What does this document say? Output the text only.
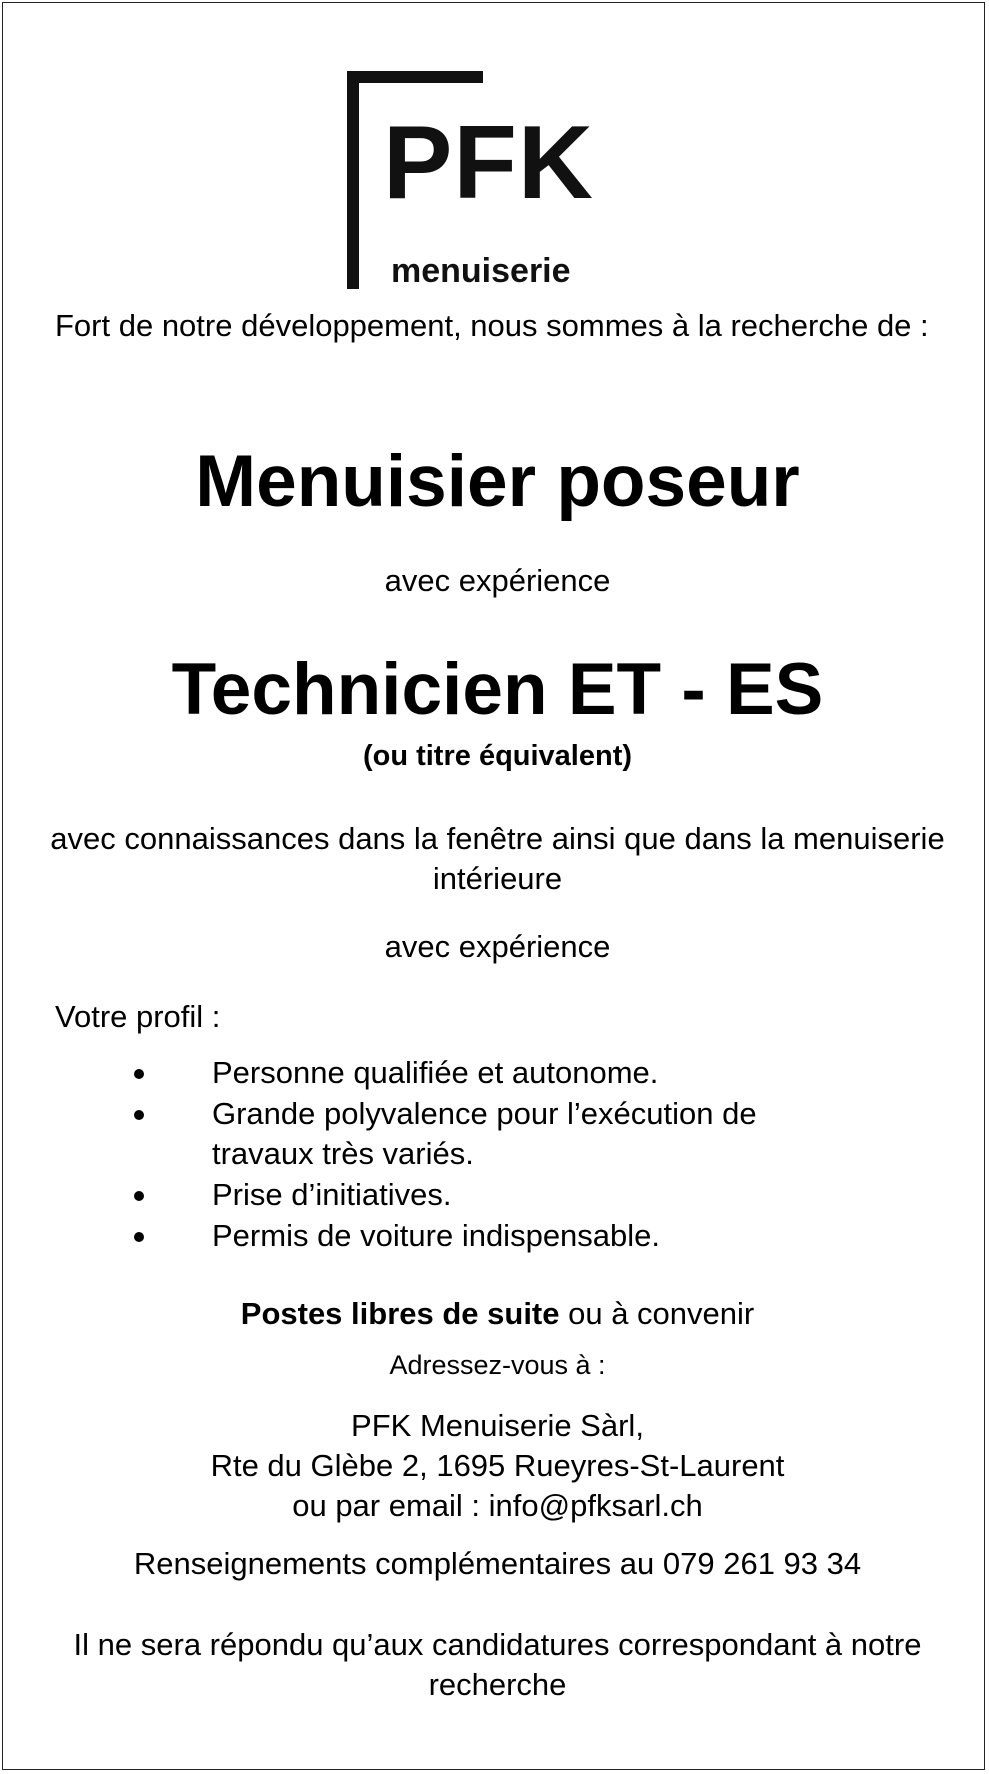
PFK
menuiserie
Fort de notre développement, nous sommes à la recherche de :
Menuisier poseur
avec expérience
Technicien ET - ES
(ou titre équivalent)
avec connaissances dans la fenêtre ainsi que dans la menuiserie intérieure
avec expérience
Votre profil :
Personne qualifiée et autonome.
Grande polyvalence pour l’exécution de travaux très variés.
Prise d’initiatives.
Permis de voiture indispensable.
Postes libres de suite ou à convenir
Adressez-vous à :
PFK Menuiserie Sàrl,
Rte du Glèbe 2, 1695 Rueyres-St-Laurent
ou par email : info@pfksarl.ch
Renseignements complémentaires au 079 261 93 34
Il ne sera répondu qu’aux candidatures correspondant à notre recherche
